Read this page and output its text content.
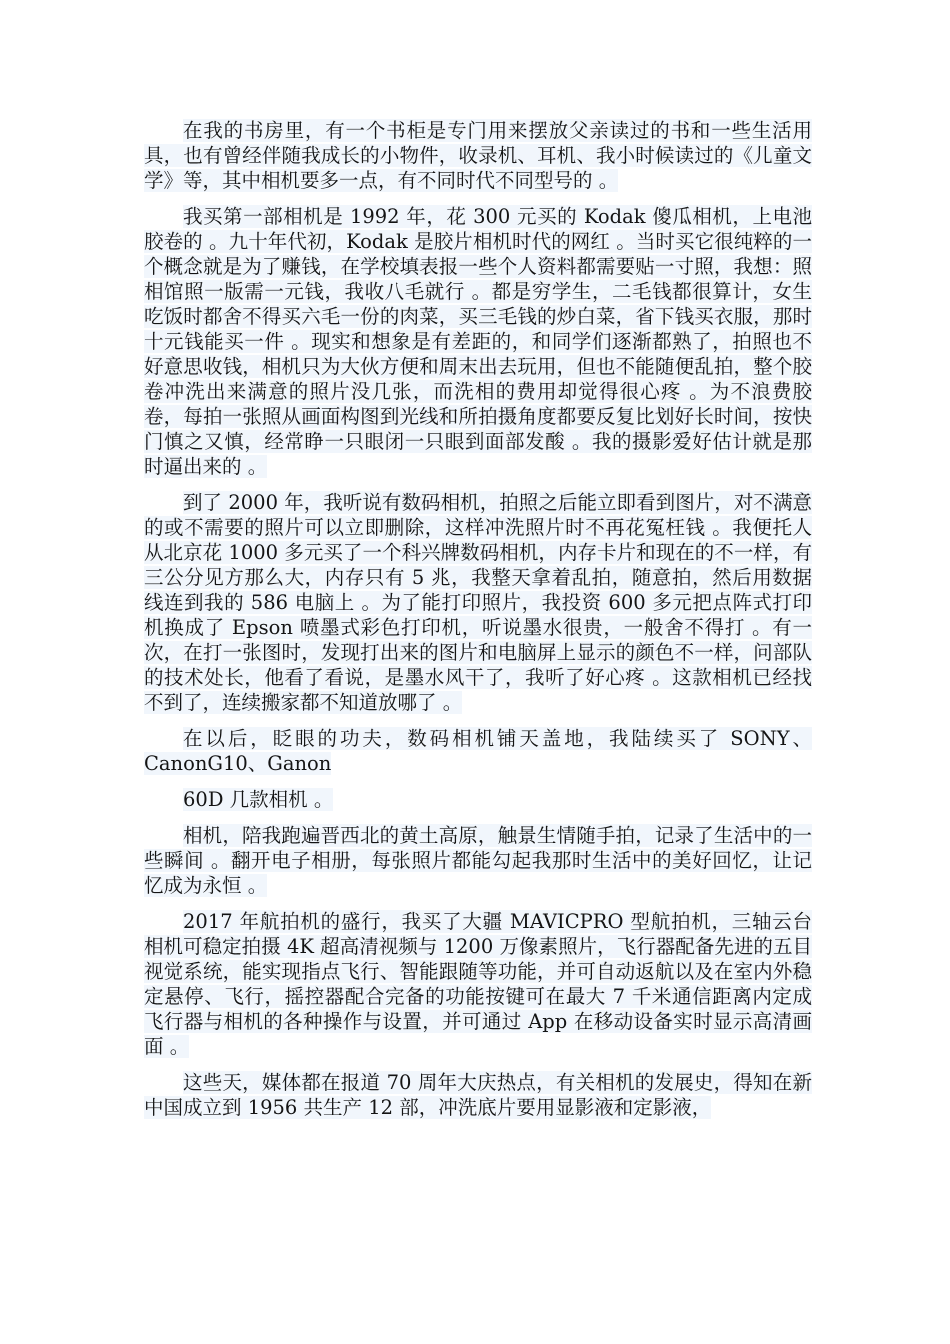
在我的书房里，有一个书柜是专门用来摆放父亲读过的书和一些生活用具，也有曾经伴随我成长的小物件，收录机、耳机、我小时候读过的《儿童文学》等，其中相机要多一点，有不同时代不同型号的 。

我买第一部相机是 1992 年，花 300 元买的 Kodak 傻瓜相机，上电池胶卷的 。九十年代初，Kodak 是胶片相机时代的网红 。当时买它很纯粹的一个概念就是为了赚钱，在学校填表报一些个人资料都需要贴一寸照，我想：照相馆照一版需一元钱，我收八毛就行 。都是穷学生，二毛钱都很算计，女生吃饭时都舍不得买六毛一份的肉菜，买三毛钱的炒白菜，省下钱买衣服，那时十元钱能买一件 。现实和想象是有差距的，和同学们逐渐都熟了，拍照也不好意思收钱，相机只为大伙方便和周末出去玩用，但也不能随便乱拍，整个胶卷冲洗出来满意的照片没几张，而洗相的费用却觉得很心疼 。为不浪费胶卷，每拍一张照从画面构图到光线和所拍摄角度都要反复比划好长时间，按快门慎之又慎，经常睁一只眼闭一只眼到面部发酸 。我的摄影爱好估计就是那时逼出来的 。

到了 2000 年，我听说有数码相机，拍照之后能立即看到图片，对不满意的或不需要的照片可以立即删除，这样冲洗照片时不再花冤枉钱 。我便托人从北京花 1000 多元买了一个科兴牌数码相机，内存卡片和现在的不一样，有三公分见方那么大，内存只有 5 兆，我整天拿着乱拍，随意拍，然后用数据线连到我的 586 电脑上 。为了能打印照片，我投资 600 多元把点阵式打印机换成了 Epson 喷墨式彩色打印机，听说墨水很贵，一般舍不得打 。有一次，在打一张图时，发现打出来的图片和电脑屏上显示的颜色不一样，问部队的技术处长，他看了看说，是墨水风干了，我听了好心疼 。这款相机已经找不到了，连续搬家都不知道放哪了 。

在以后，眨眼的功夫，数码相机铺天盖地，我陆续买了 SONY、CanonG10、Ganon

60D 几款相机 。

相机，陪我跑遍晋西北的黄土高原，触景生情随手拍，记录了生活中的一些瞬间 。翻开电子相册，每张照片都能勾起我那时生活中的美好回忆，让记忆成为永恒 。

2017 年航拍机的盛行，我买了大疆 MAVICPRO 型航拍机，三轴云台相机可稳定拍摄 4K 超高清视频与 1200 万像素照片，飞行器配备先进的五目视觉系统，能实现指点飞行、智能跟随等功能，并可自动返航以及在室内外稳定悬停、飞行，摇控器配合完备的功能按键可在最大 7 千米通信距离内定成飞行器与相机的各种操作与设置，并可通过 App 在移动设备实时显示高清画面 。

这些天，媒体都在报道 70 周年大庆热点，有关相机的发展史，得知在新中国成立到 1956 共生产 12 部，冲洗底片要用显影液和定影液，
